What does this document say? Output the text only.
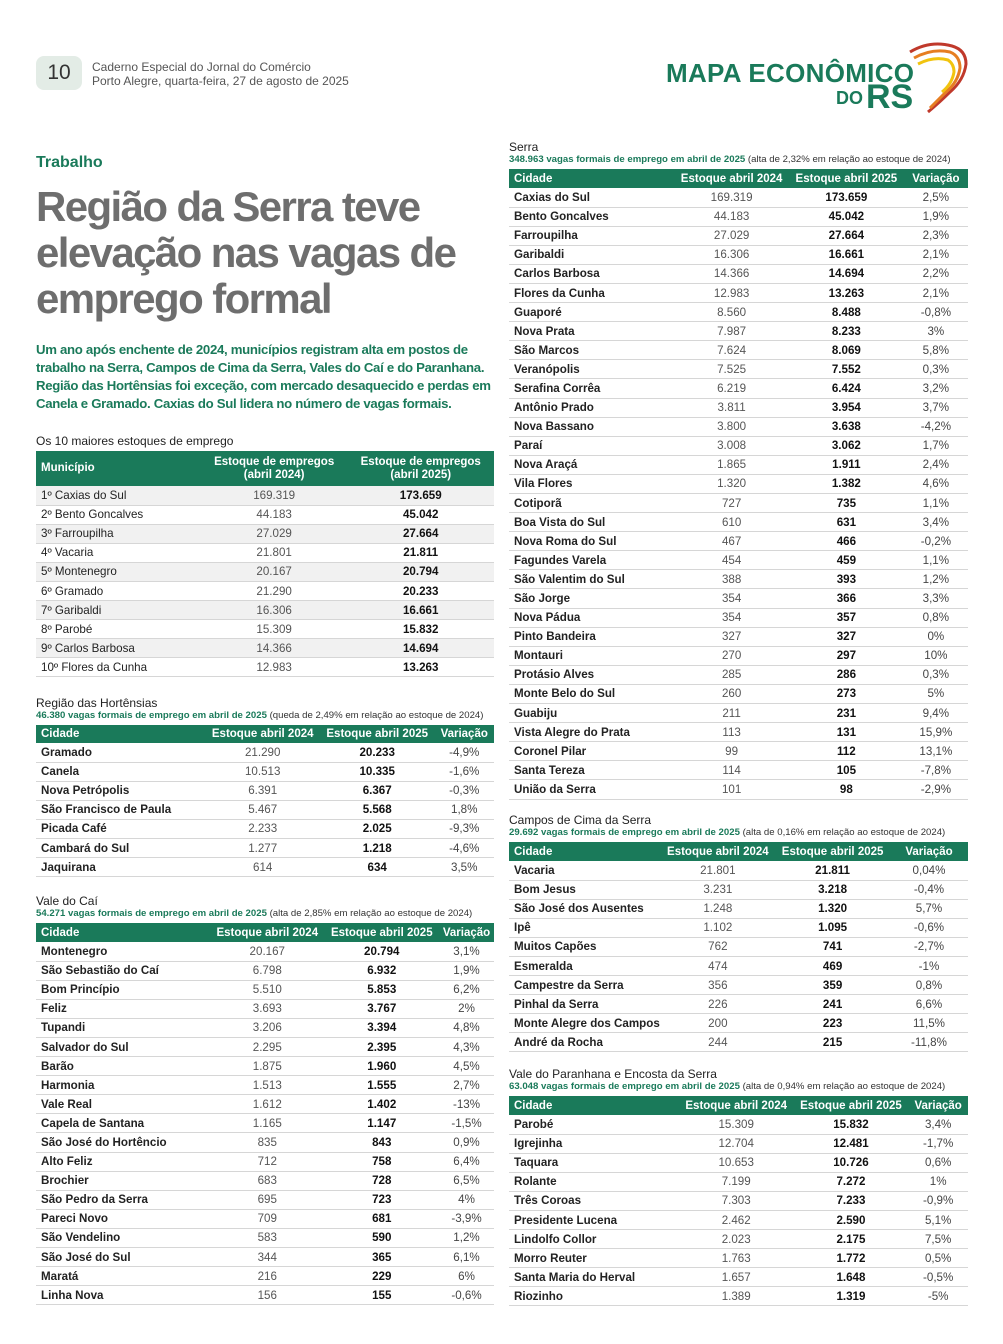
10	Caderno Especial do Jornal do Comércio
Porto Alegre, quarta-feira, 27 de agosto de 2025	MAPA ECONÔMICO
DO RS
Trabalho
Região da Serra teve elevação nas vagas de emprego formal
Um ano após enchente de 2024, municípios registram alta em postos de trabalho na Serra, Campos de Cima da Serra, Vales do Caí e do Paranhana. Região das Hortênsias foi exceção, com mercado desaquecido e perdas em Canela e Gramado. Caxias do Sul lidera no número de vagas formais.
Os 10 maiores estoques de emprego
Município	Estoque de empregos (abril 2024)	Estoque de empregos (abril 2025)
1º Caxias do Sul	169.319	173.659
2º Bento Goncalves	44.183	45.042
3º Farroupilha	27.029	27.664
4º Vacaria	21.801	21.811
5º Montenegro	20.167	20.794
6º Gramado	21.290	20.233
7º Garibaldi	16.306	16.661
8º Parobé	15.309	15.832
9º Carlos Barbosa	14.366	14.694
10º Flores da Cunha	12.983	13.263
Região das Hortênsias
46.380 vagas formais de emprego em abril de 2025 (queda de 2,49% em relação ao estoque de 2024)
Cidade	Estoque abril 2024	Estoque abril 2025	Variação
Gramado	21.290	20.233	-4,9%
Canela	10.513	10.335	-1,6%
Nova Petrópolis	6.391	6.367	-0,3%
São Francisco de Paula	5.467	5.568	1,8%
Picada Café	2.233	2.025	-9,3%
Cambará do Sul	1.277	1.218	-4,6%
Jaquirana	614	634	3,5%
Vale do Caí
54.271 vagas formais de emprego em abril de 2025 (alta de 2,85% em relação ao estoque de 2024)
Cidade	Estoque abril 2024	Estoque abril 2025	Variação
Montenegro	20.167	20.794	3,1%
São Sebastião do Caí	6.798	6.932	1,9%
Bom Princípio	5.510	5.853	6,2%
Feliz	3.693	3.767	2%
Tupandi	3.206	3.394	4,8%
Salvador do Sul	2.295	2.395	4,3%
Barão	1.875	1.960	4,5%
Harmonia	1.513	1.555	2,7%
Vale Real	1.612	1.402	-13%
Capela de Santana	1.165	1.147	-1,5%
São José do Hortêncio	835	843	0,9%
Alto Feliz	712	758	6,4%
Brochier	683	728	6,5%
São Pedro da Serra	695	723	4%
Pareci Novo	709	681	-3,9%
São Vendelino	583	590	1,2%
São José do Sul	344	365	6,1%
Maratá	216	229	6%
Linha Nova	156	155	-0,6%
Serra
348.963 vagas formais de emprego em abril de 2025 (alta de 2,32% em relação ao estoque de 2024)
Cidade	Estoque abril 2024	Estoque abril 2025	Variação
Caxias do Sul	169.319	173.659	2,5%
Bento Goncalves	44.183	45.042	1,9%
Farroupilha	27.029	27.664	2,3%
Garibaldi	16.306	16.661	2,1%
Carlos Barbosa	14.366	14.694	2,2%
Flores da Cunha	12.983	13.263	2,1%
Guaporé	8.560	8.488	-0,8%
Nova Prata	7.987	8.233	3%
São Marcos	7.624	8.069	5,8%
Veranópolis	7.525	7.552	0,3%
Serafina Corrêa	6.219	6.424	3,2%
Antônio Prado	3.811	3.954	3,7%
Nova Bassano	3.800	3.638	-4,2%
Paraí	3.008	3.062	1,7%
Nova Araçá	1.865	1.911	2,4%
Vila Flores	1.320	1.382	4,6%
Cotiporã	727	735	1,1%
Boa Vista do Sul	610	631	3,4%
Nova Roma do Sul	467	466	-0,2%
Fagundes Varela	454	459	1,1%
São Valentim do Sul	388	393	1,2%
São Jorge	354	366	3,3%
Nova Pádua	354	357	0,8%
Pinto Bandeira	327	327	0%
Montauri	270	297	10%
Protásio Alves	285	286	0,3%
Monte Belo do Sul	260	273	5%
Guabiju	211	231	9,4%
Vista Alegre do Prata	113	131	15,9%
Coronel Pilar	99	112	13,1%
Santa Tereza	114	105	-7,8%
União da Serra	101	98	-2,9%
Campos de Cima da Serra
29.692 vagas formais de emprego em abril de 2025 (alta de 0,16% em relação ao estoque de 2024)
Cidade	Estoque abril 2024	Estoque abril 2025	Variação
Vacaria	21.801	21.811	0,04%
Bom Jesus	3.231	3.218	-0,4%
São José dos Ausentes	1.248	1.320	5,7%
Ipê	1.102	1.095	-0,6%
Muitos Capões	762	741	-2,7%
Esmeralda	474	469	-1%
Campestre da Serra	356	359	0,8%
Pinhal da Serra	226	241	6,6%
Monte Alegre dos Campos	200	223	11,5%
André da Rocha	244	215	-11,8%
Vale do Paranhana e Encosta da Serra
63.048 vagas formais de emprego em abril de 2025 (alta de 0,94% em relação ao estoque de 2024)
Cidade	Estoque abril 2024	Estoque abril 2025	Variação
Parobé	15.309	15.832	3,4%
Igrejinha	12.704	12.481	-1,7%
Taquara	10.653	10.726	0,6%
Rolante	7.199	7.272	1%
Três Coroas	7.303	7.233	-0,9%
Presidente Lucena	2.462	2.590	5,1%
Lindolfo Collor	2.023	2.175	7,5%
Morro Reuter	1.763	1.772	0,5%
Santa Maria do Herval	1.657	1.648	-0,5%
Riozinho	1.389	1.319	-5%
